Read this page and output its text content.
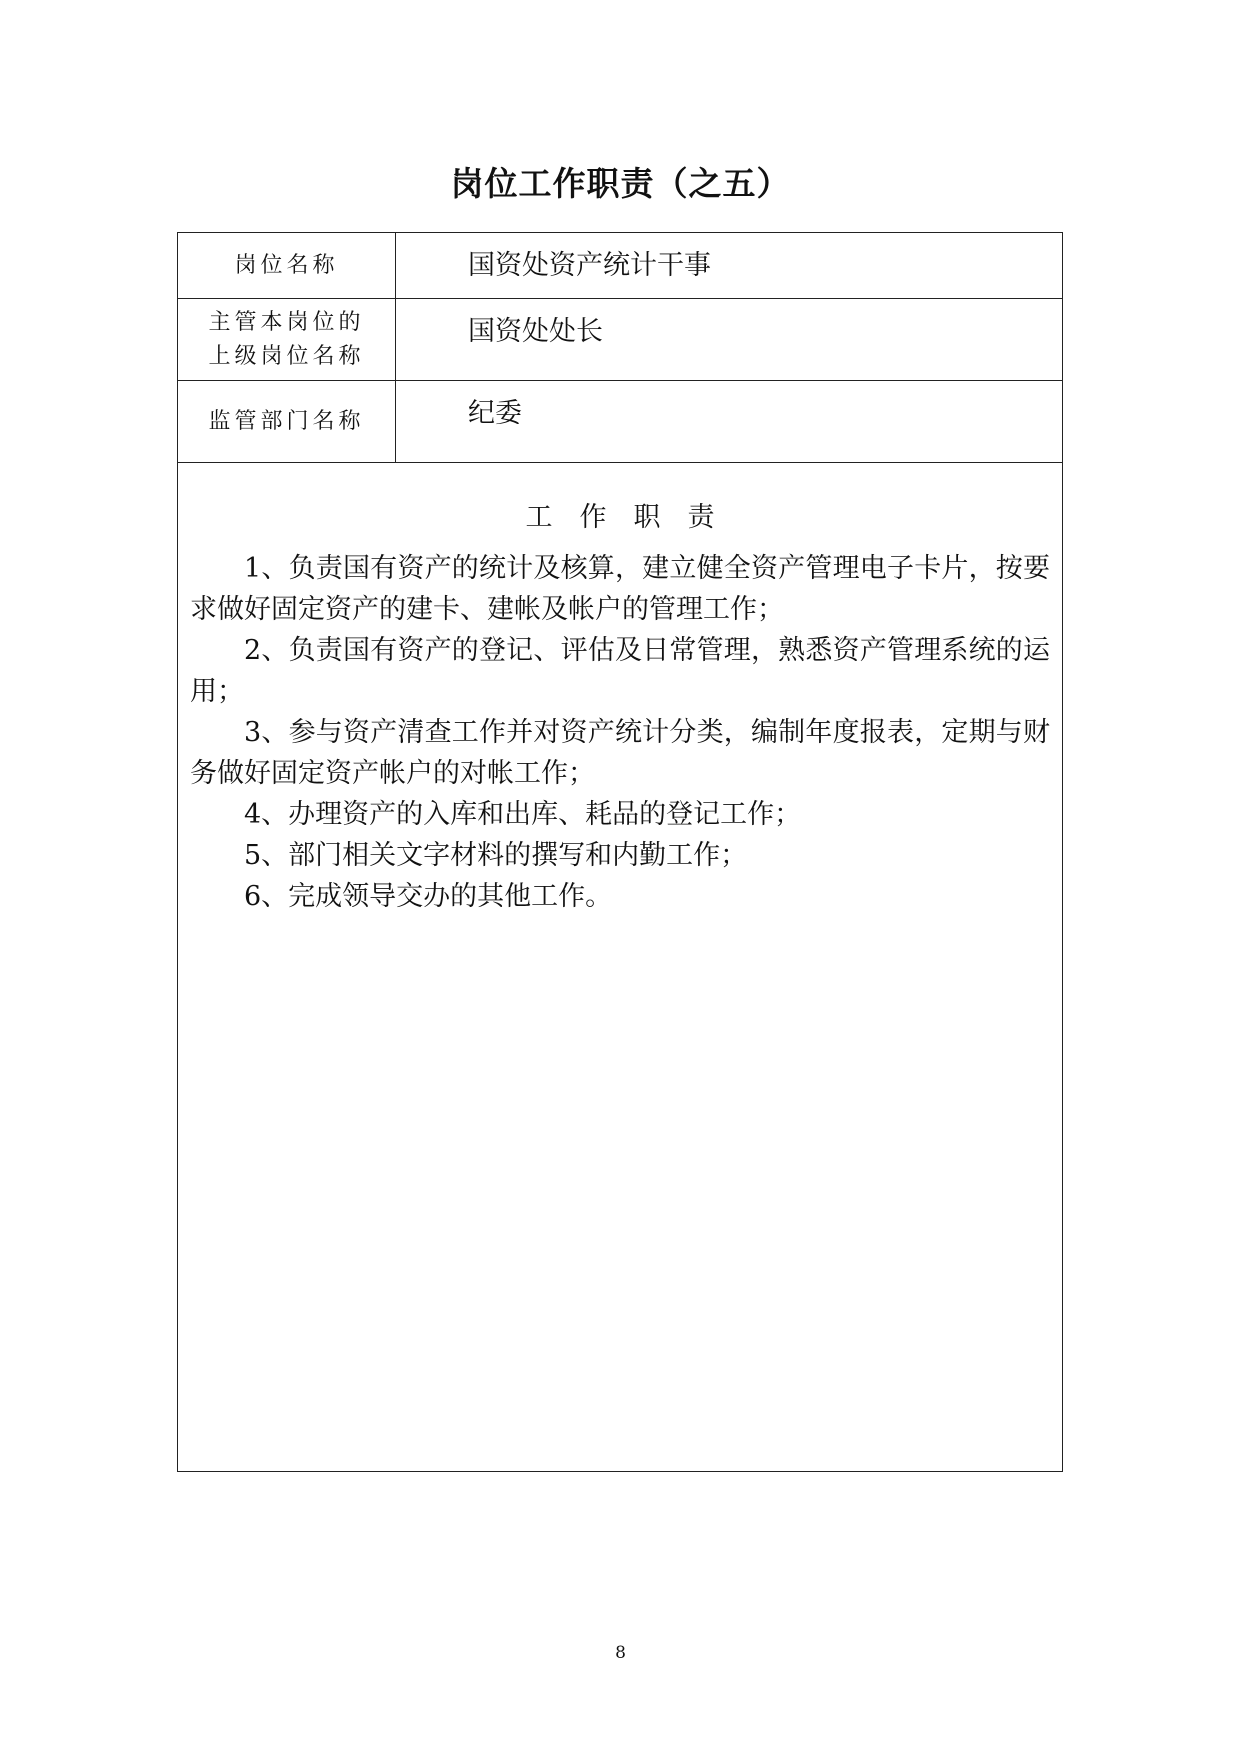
岗位工作职责（之五）
岗位名称	国资处资产统计干事
主管本岗位的
上级岗位名称
国资处处长
监管部门名称	纪委
工　作　职　责
1、负责国有资产的统计及核算，建立健全资产管理电子卡片，按要求做好固定资产的建卡、建帐及帐户的管理工作；
2、负责国有资产的登记、评估及日常管理，熟悉资产管理系统的运用；
3、参与资产清查工作并对资产统计分类，编制年度报表，定期与财务做好固定资产帐户的对帐工作；
4、办理资产的入库和出库、耗品的登记工作；
5、部门相关文字材料的撰写和内勤工作；
6、完成领导交办的其他工作。
8
